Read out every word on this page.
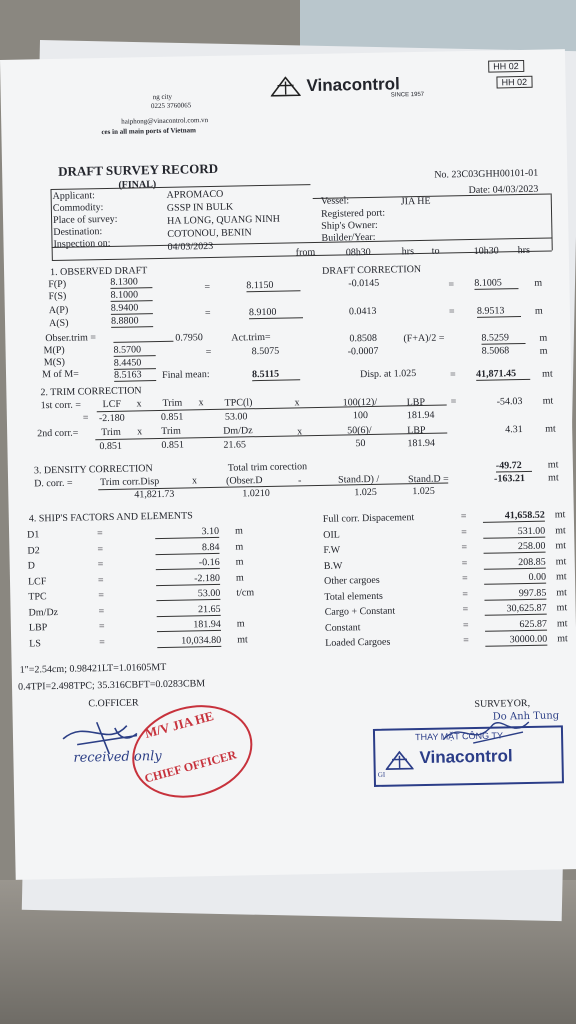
HH 02
HH 02
Vinacontrol
SINCE 1957
ng city
0225 3760065
haiphong@vinacontrol.com.vn
ces in all main ports of Vietnam
DRAFT SURVEY RECORD
(FINAL)
No. 23C03GHH00101-01
Date: 04/03/2023
Applicant:	APROMACO
Commodity:	GSSP IN BULK
Place of survey:	HA LONG, QUANG NINH
Destination:	COTONOU, BENIN
Inspection on:	04/03/2023
Vessel:	JIA HE
Registered port:
Ship's Owner:
Builder/Year:
from	08h30	hrs to	10h30 hrs
1. OBSERVED DRAFT	DRAFT CORRECTION
F(P)	8.1300
F(S)	8.1000
=	8.1150	-0.0145	= 8.1005	m
A(P)	8.9400
A(S)	8.8800
=	8.9100	0.0413	= 8.9513	m
Obser.trim =	0.7950	Act.trim=	0.8508	(F+A)/2 =	8.5259	m
M(P)	8.5700	=	8.5075	-0.0007	8.5068	m
M(S)	8.4450
M of M=	8.5163	Final mean:	8.5115	Disp. at 1.025	= 41,871.45	mt
2. TRIM CORRECTION
1st corr. = LCF x Trim x TPC(l)	x	100(12)/	LBP	=	-54.03 mt
= -2.180	0.851	53.00	100	181.94
2nd corr.= Trim x Trim	Dm/Dz	x	50(6)/	LBP	4.31 mt
0.851	0.851	21.65	50	181.94
3. DENSITY CORRECTION	Total trim corection	-49.72	mt
D. corr. =	Trim corr.Disp	x	(Obser.D	-	Stand.D) /	Stand.D =	-163.21 mt
41,821.73	1.0210	1.025	1.025
4. SHIP'S FACTORS AND ELEMENTS
D1	=	3.10 m
D2	=	8.84 m
D	=	-0.16 m
LCF	=	-2.180 m
TPC	=	53.00 t/cm
Dm/Dz	=	21.65
LBP	=	181.94 m
LS	=	10,034.80 mt
Full corr. Dispacement	=	41,658.52 mt
OIL	=	531.00 mt
F.W	=	258.00 mt
B.W	=	208.85 mt
Other cargoes	=	0.00 mt
Total elements	=	997.85 mt
Cargo + Constant	=	30,625.87 mt
Constant	=	625.87 mt
Loaded Cargoes	=	30000.00 mt
1"=2.54cm; 0.98421LT=1.01605MT
0.4TPI=2.498TPC; 35.316CBFT=0.0283CBM
C.OFFICER	SURVEYOR,
Do Anh Tung
received only
M/V JIA HE
CHIEF OFFICER
THAY MẶT CÔNG TY
Vinacontrol
GI
